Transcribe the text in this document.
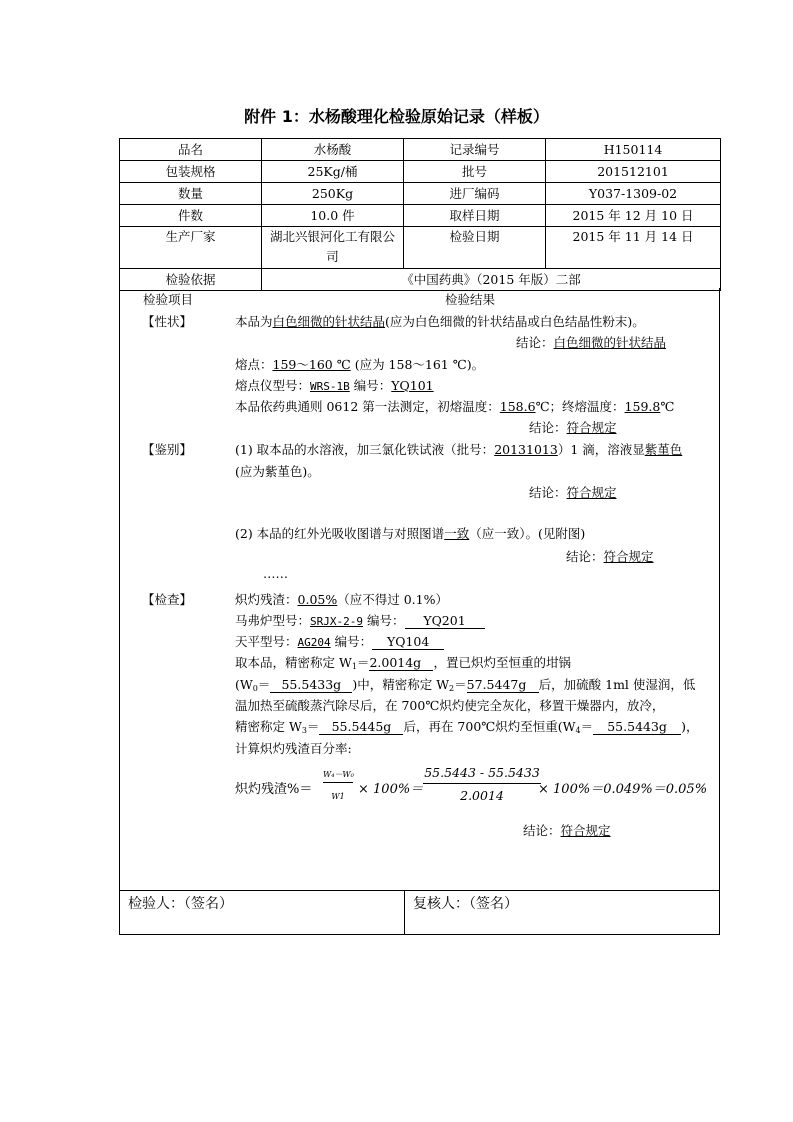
附件 1：水杨酸理化检验原始记录（样板）
品名	水杨酸	记录编号	H150114
包装规格	25Kg/桶	批号	201512101
数量	250Kg	进厂编码	Y037-1309-02
件数	10.0 件	取样日期	2015 年 12 月 10 日
生产厂家	湖北兴银河化工有限公司	检验日期	2015 年 11 月 14 日
检验依据	《中国药典》（2015 年版）二部		
检验项目	检验结果
【性状】	本品为白色细微的针状结晶(应为白色细微的针状结晶或白色结晶性粉末)。
结论：白色细微的针状结晶
熔点：159～160 ℃ (应为 158～161 ℃)。
熔点仪型号：WRS-1B 编号：YQ101
本品依药典通则 0612 第一法测定，初熔温度：158.6℃；终熔温度：159.8℃
结论：符合规定
【鉴别】	(1) 取本品的水溶液，加三氯化铁试液（批号：20131013）1 滴，溶液显紫堇色
(应为紫堇色)。
结论：符合规定
(2) 本品的红外光吸收图谱与对照图谱一致（应一致）。(见附图)
结论：符合规定
……
【检查】	炽灼残渣：0.05%（应不得过 0.1%）
马弗炉型号：SRJX-2-9 编号： YQ201
天平型号：AG204 编号： YQ104
取本品，精密称定 $W_1=2.0014g$ ，置已炽灼至恒重的坩锅
($W_0= 55.5433g$ )中，精密称定 $W_2=57.5447g$ 后，加硫酸 1ml 使湿润，低
温加热至硫酸蒸汽除尽后，在 700℃炽灼使完全灰化，移置干燥器内，放冷，
精密称定 $W_3= 55.5445g$ 后，再在 700℃炽灼至恒重($W_4= 55.5443g$ )，
计算炽灼残渣百分率:
炽灼残渣%＝
W₄－W₀
W1	× 100%＝
55.5443 - 55.5433
2.0014	× 100%＝0.049%＝0.05%
结论：符合规定
检验人：（签名）	复核人：（签名）
